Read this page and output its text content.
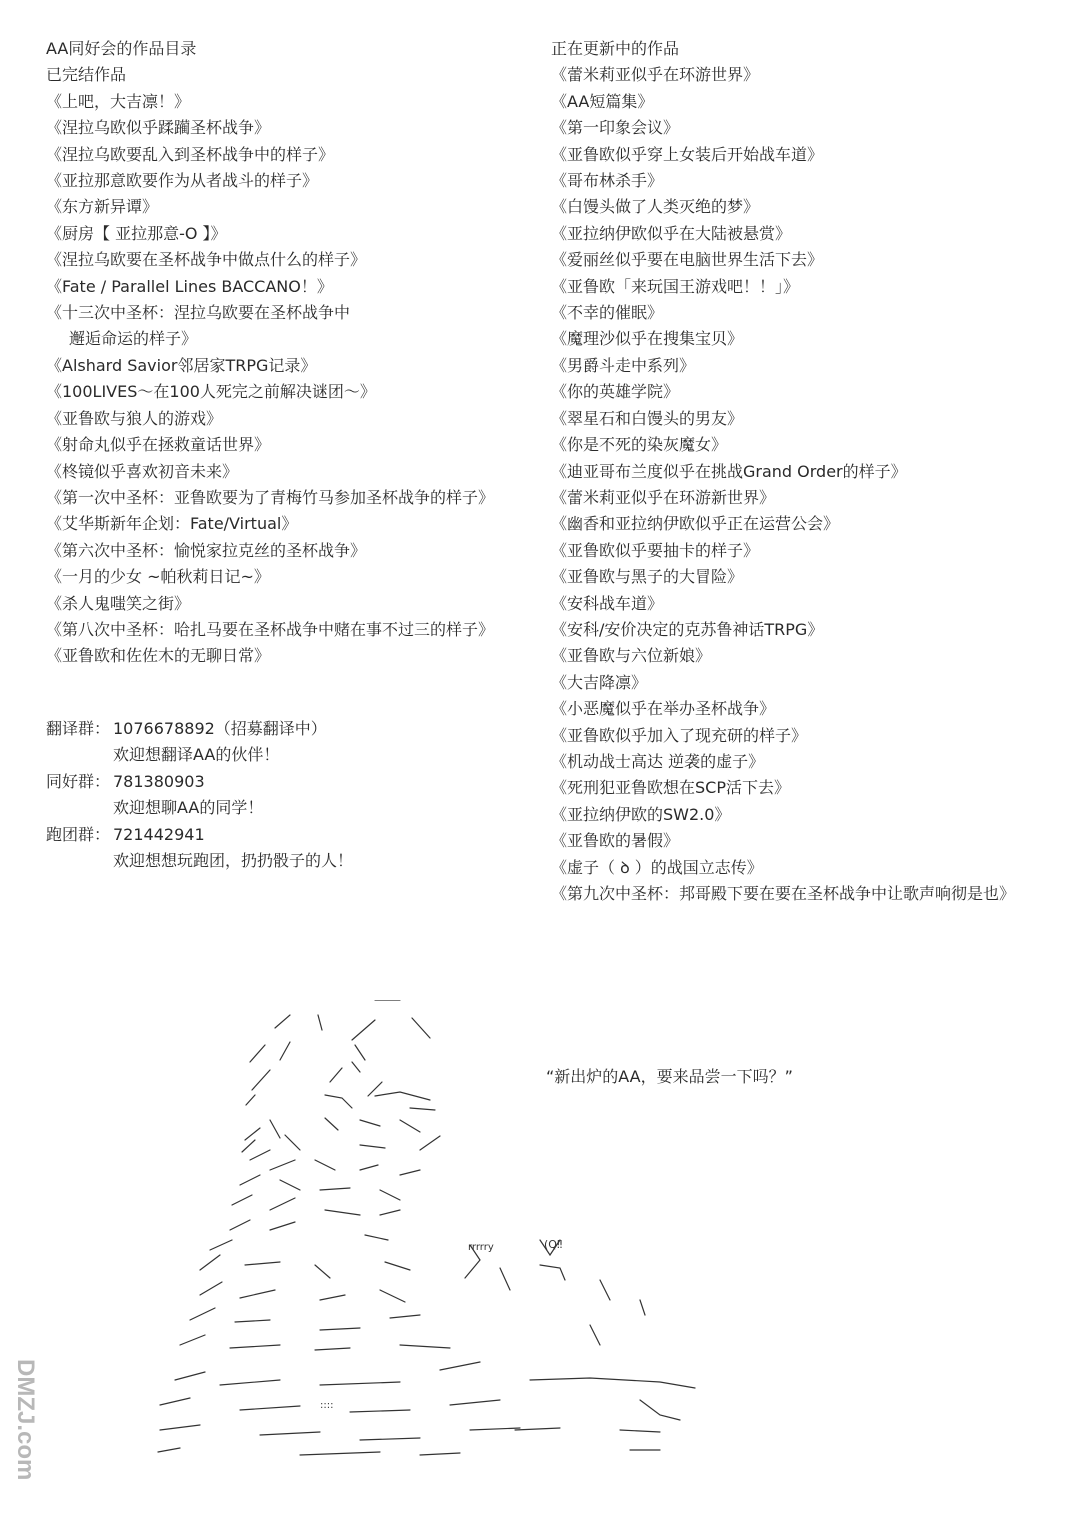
AA同好会的作品目录
已完结作品
《上吧，大吉凛！》
《涅拉乌欧似乎蹂躏圣杯战争》
《涅拉乌欧要乱入到圣杯战争中的样子》
《亚拉那意欧要作为从者战斗的样子》
《东方新异谭》
《厨房【 亚拉那意-O 】》
《涅拉乌欧要在圣杯战争中做点什么的样子》
《Fate / Parallel Lines BACCANO！》
《十三次中圣杯：涅拉乌欧要在圣杯战争中
邂逅命运的样子》
《Alshard Savior邻居家TRPG记录》
《100LIVES～在100人死完之前解决谜团～》
《亚鲁欧与狼人的游戏》
《射命丸似乎在拯救童话世界》
《柊镜似乎喜欢初音未来》
《第一次中圣杯：亚鲁欧要为了青梅竹马参加圣杯战争的样子》
《艾华斯新年企划：Fate/Virtual》
《第六次中圣杯：愉悦家拉克丝的圣杯战争》
《一月的少女 ~帕秋莉日记~》
《杀人鬼嗤笑之街》
《第八次中圣杯：哈扎马要在圣杯战争中赌在事不过三的样子》
《亚鲁欧和佐佐木的无聊日常》
正在更新中的作品
《蕾米莉亚似乎在环游世界》
《AA短篇集》
《第一印象会议》
《亚鲁欧似乎穿上女装后开始战车道》
《哥布林杀手》
《白馒头做了人类灭绝的梦》
《亚拉纳伊欧似乎在大陆被悬赏》
《爱丽丝似乎要在电脑世界生活下去》
《亚鲁欧「来玩国王游戏吧！！」》
《不幸的催眠》
《魔理沙似乎在搜集宝贝》
《男爵斗走中系列》
《你的英雄学院》
《翠星石和白馒头的男友》
《你是不死的染灰魔女》
《迪亚哥布兰度似乎在挑战Grand Order的样子》
《蕾米莉亚似乎在环游新世界》
《幽香和亚拉纳伊欧似乎正在运营公会》
《亚鲁欧似乎要抽卡的样子》
《亚鲁欧与黑子的大冒险》
《安科战车道》
《安科/安价决定的克苏鲁神话TRPG》
《亚鲁欧与六位新娘》
《大吉降凛》
《小恶魔似乎在举办圣杯战争》
《亚鲁欧似乎加入了现充研的样子》
《机动战士高达 逆袭的虚子》
《死刑犯亚鲁欧想在SCP活下去》
《亚拉纳伊欧的SW2.0》
《亚鲁欧的暑假》
《虚子（ ꝺ ）的战国立志传》
《第九次中圣杯：邦哥殿下要在要在圣杯战争中让歌声响彻是也》
翻译群： 1076678892（招募翻译中）
欢迎想翻译AA的伙伴！
同好群： 781380903
欢迎想聊AA的同学！
跑团群： 721442941
欢迎想想玩跑团，扔扔骰子的人！
“新出炉的AA，要来品尝一下吗？”
rrrrry	(Q‼
::::
DMZJ.com
